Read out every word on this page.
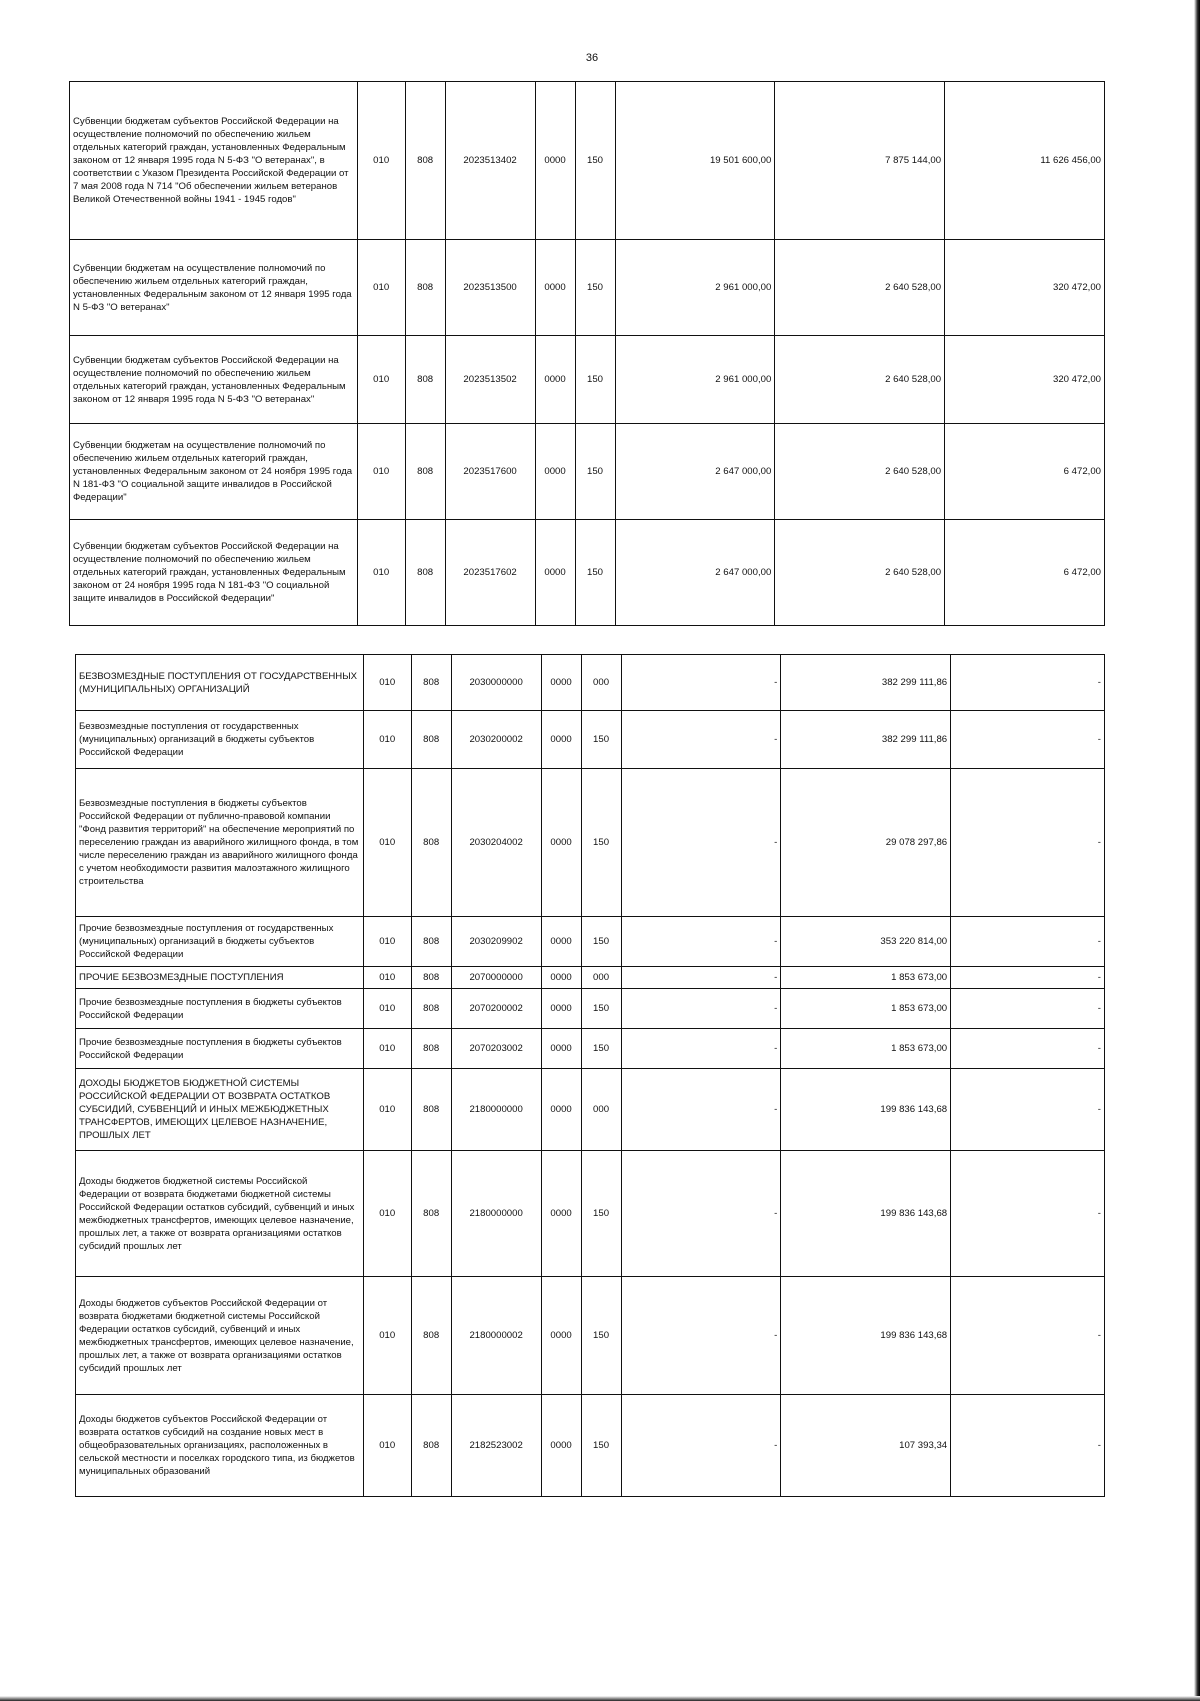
36
Субвенции бюджетам субъектов Российской Федерации на осуществление полномочий по обеспечению жильем отдельных категорий граждан, установленных Федеральным законом от 12 января 1995 года N 5-ФЗ "О ветеранах", в соответствии с Указом Президента Российской Федерации от 7 мая 2008 года N 714 "Об обеспечении жильем ветеранов Великой Отечественной войны 1941 - 1945 годов"	010	808	2023513402	0000	150	19 501 600,00	7 875 144,00	11 626 456,00
Субвенции бюджетам на осуществление полномочий по обеспечению жильем отдельных категорий граждан, установленных Федеральным законом от 12 января 1995 года N 5-ФЗ "О ветеранах"	010	808	2023513500	0000	150	2 961 000,00	2 640 528,00	320 472,00
Субвенции бюджетам субъектов Российской Федерации на осуществление полномочий по обеспечению жильем отдельных категорий граждан, установленных Федеральным законом от 12 января 1995 года N 5-ФЗ "О ветеранах"	010	808	2023513502	0000	150	2 961 000,00	2 640 528,00	320 472,00
Субвенции бюджетам на осуществление полномочий по обеспечению жильем отдельных категорий граждан, установленных Федеральным законом от 24 ноября 1995 года N 181-ФЗ "О социальной защите инвалидов в Российской Федерации"	010	808	2023517600	0000	150	2 647 000,00	2 640 528,00	6 472,00
Субвенции бюджетам субъектов Российской Федерации на осуществление полномочий по обеспечению жильем отдельных категорий граждан, установленных Федеральным законом от 24 ноября 1995 года N 181-ФЗ "О социальной защите инвалидов в Российской Федерации"	010	808	2023517602	0000	150	2 647 000,00	2 640 528,00	6 472,00
БЕЗВОЗМЕЗДНЫЕ ПОСТУПЛЕНИЯ ОТ ГОСУДАРСТВЕННЫХ (МУНИЦИПАЛЬНЫХ) ОРГАНИЗАЦИЙ	010	808	2030000000	0000	000	-	382 299 111,86	-
Безвозмездные поступления от государственных (муниципальных) организаций в бюджеты субъектов Российской Федерации	010	808	2030200002	0000	150	-	382 299 111,86	-
Безвозмездные поступления в бюджеты субъектов Российской Федерации от публично-правовой компании "Фонд развития территорий" на обеспечение мероприятий по переселению граждан из аварийного жилищного фонда, в том числе переселению граждан из аварийного жилищного фонда с учетом необходимости развития малоэтажного жилищного строительства	010	808	2030204002	0000	150	-	29 078 297,86	-
Прочие безвозмездные поступления от государственных (муниципальных) организаций в бюджеты субъектов Российской Федерации	010	808	2030209902	0000	150	-	353 220 814,00	-
ПРОЧИЕ БЕЗВОЗМЕЗДНЫЕ ПОСТУПЛЕНИЯ	010	808	2070000000	0000	000	-	1 853 673,00	-
Прочие безвозмездные поступления в бюджеты субъектов Российской Федерации	010	808	2070200002	0000	150	-	1 853 673,00	-
Прочие безвозмездные поступления в бюджеты субъектов Российской Федерации	010	808	2070203002	0000	150	-	1 853 673,00	-
ДОХОДЫ БЮДЖЕТОВ БЮДЖЕТНОЙ СИСТЕМЫ РОССИЙСКОЙ ФЕДЕРАЦИИ ОТ ВОЗВРАТА ОСТАТКОВ СУБСИДИЙ, СУБВЕНЦИЙ И ИНЫХ МЕЖБЮДЖЕТНЫХ ТРАНСФЕРТОВ, ИМЕЮЩИХ ЦЕЛЕВОЕ НАЗНАЧЕНИЕ, ПРОШЛЫХ ЛЕТ	010	808	2180000000	0000	000	-	199 836 143,68	-
Доходы бюджетов бюджетной системы Российской Федерации от возврата бюджетами бюджетной системы Российской Федерации остатков субсидий, субвенций и иных межбюджетных трансфертов, имеющих целевое назначение, прошлых лет, а также от возврата организациями остатков субсидий прошлых лет	010	808	2180000000	0000	150	-	199 836 143,68	-
Доходы бюджетов субъектов Российской Федерации от возврата бюджетами бюджетной системы Российской Федерации остатков субсидий, субвенций и иных межбюджетных трансфертов, имеющих целевое назначение, прошлых лет, а также от возврата организациями остатков субсидий прошлых лет	010	808	2180000002	0000	150	-	199 836 143,68	-
Доходы бюджетов субъектов Российской Федерации от возврата остатков субсидий на создание новых мест в общеобразовательных организациях, расположенных в сельской местности и поселках городского типа, из бюджетов муниципальных образований	010	808	2182523002	0000	150	-	107 393,34	-
